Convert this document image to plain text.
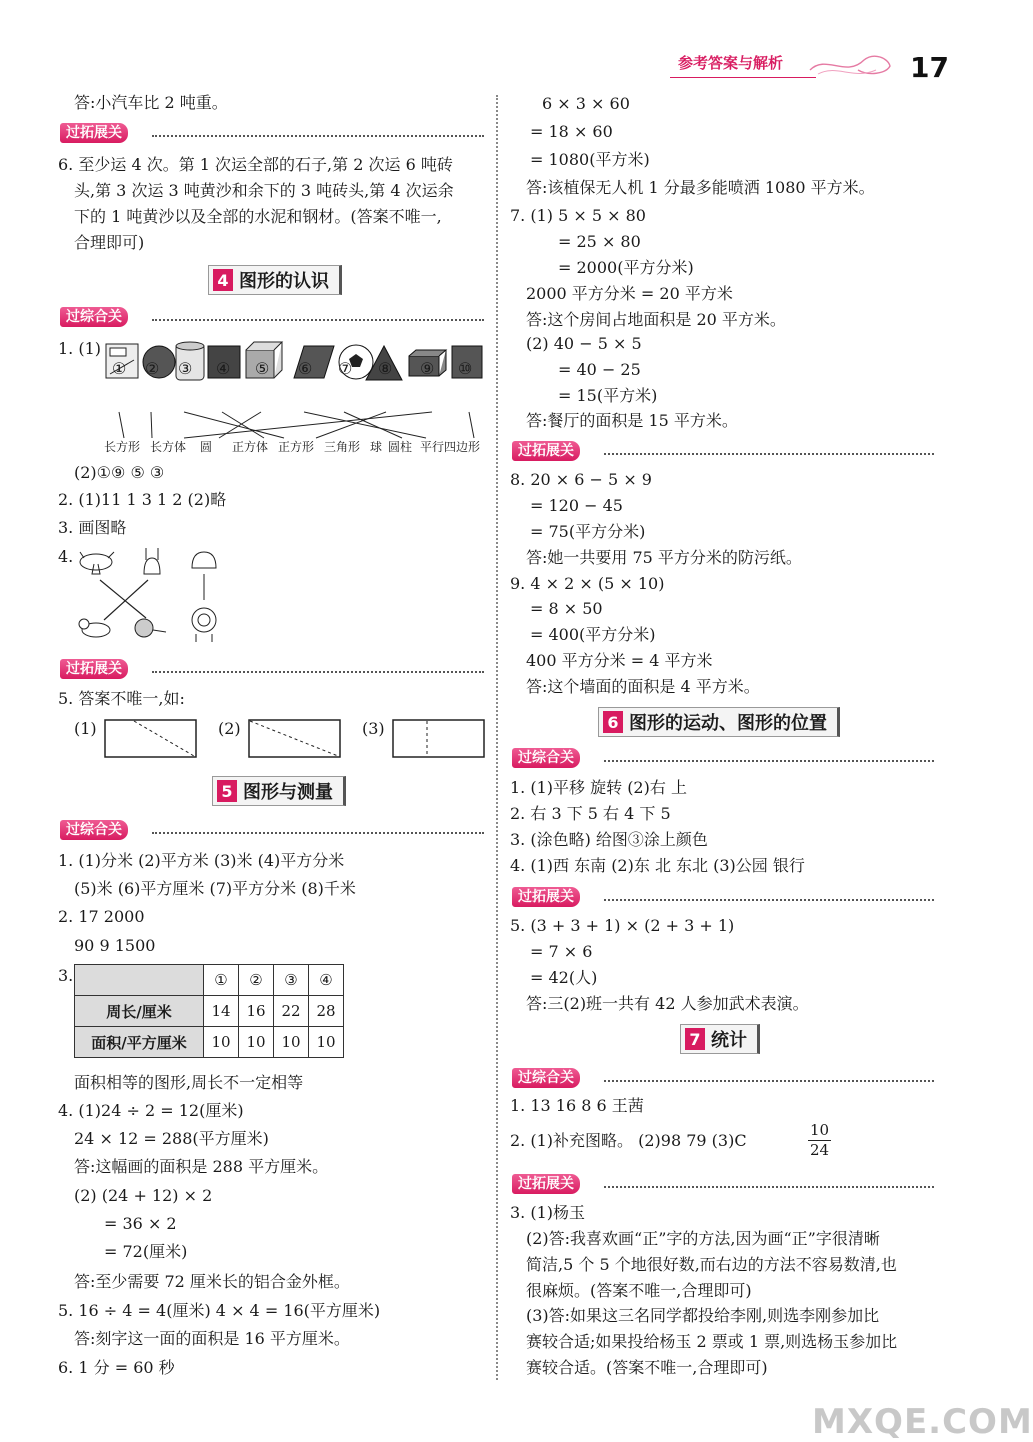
参考答案与解析	17
答:小汽车比 2 吨重。
过拓展关
6. 至少运 4 次。第 1 次运全部的石子,第 2 次运 6 吨砖
头,第 3 次运 3 吨黄沙和余下的 3 吨砖头,第 4 次运余
下的 1 吨黄沙以及全部的水泥和钢材。(答案不唯一,
合理即可)
4 图形的认识
过综合关
1. (1)
① ② ③ ④ ⑤ ⑥ ⑦ ⑧ ⑨ ⑩
长方形 长方体 圆 正方体 正方形 三角形 球 圆柱 平行四边形
(2)①⑨ ⑤ ③
2. (1)11 1 3 1 2 (2)略
3. 画图略
4.
过拓展关
5. 答案不唯一,如:
(1)	(2)	(3)
5 图形与测量
过综合关
1. (1)分米 (2)平方米 (3)米 (4)平方分米
(5)米 (6)平方厘米 (7)平方分米 (8)千米
2. 17 2000
90 9 1500
3.
		①	②	③	④
周长/厘米	14	16	22	28
面积/平方厘米	10	10	10	10
面积相等的图形,周长不一定相等
4. (1)24 ÷ 2 = 12(厘米)
24 × 12 = 288(平方厘米)
答:这幅画的面积是 288 平方厘米。
(2) (24 + 12) × 2
= 36 × 2
= 72(厘米)
答:至少需要 72 厘米长的铝合金外框。
5. 16 ÷ 4 = 4(厘米) 4 × 4 = 16(平方厘米)
答:刻字这一面的面积是 16 平方厘米。
6. 1 分 = 60 秒
6 × 3 × 60
= 18 × 60
= 1080(平方米)
答:该植保无人机 1 分最多能喷洒 1080 平方米。
7. (1) 5 × 5 × 80
= 25 × 80
= 2000(平方分米)
2000 平方分米 = 20 平方米
答:这个房间占地面积是 20 平方米。
(2) 40 − 5 × 5
= 40 − 25
= 15(平方米)
答:餐厅的面积是 15 平方米。
过拓展关
8. 20 × 6 − 5 × 9
= 120 − 45
= 75(平方分米)
答:她一共要用 75 平方分米的防污纸。
9. 4 × 2 × (5 × 10)
= 8 × 50
= 400(平方分米)
400 平方分米 = 4 平方米
答:这个墙面的面积是 4 平方米。
6 图形的运动、图形的位置
过综合关
1. (1)平移 旋转 (2)右 上
2. 右 3 下 5 右 4 下 5
3. (涂色略) 给图③涂上颜色
4. (1)西 东南 (2)东 北 东北 (3)公园 银行
过拓展关
5. (3 + 3 + 1) × (2 + 3 + 1)
= 7 × 6
= 42(人)
答:三(2)班一共有 42 人参加武术表演。
7 统计
过综合关
1. 13 16 8 6 王茜
2. (1)补充图略。 (2)98 79 (3)C	$\frac{10}{24}$
过拓展关
3. (1)杨玉
(2)答:我喜欢画“正”字的方法,因为画“正”字很清晰
简洁,5 个 5 个地很好数,而右边的方法不容易数清,也
很麻烦。(答案不唯一,合理即可)
(3)答:如果这三名同学都投给李刚,则选李刚参加比
赛较合适;如果投给杨玉 2 票或 1 票,则选杨玉参加比
赛较合适。(答案不唯一,合理即可)
MXQE.COM
